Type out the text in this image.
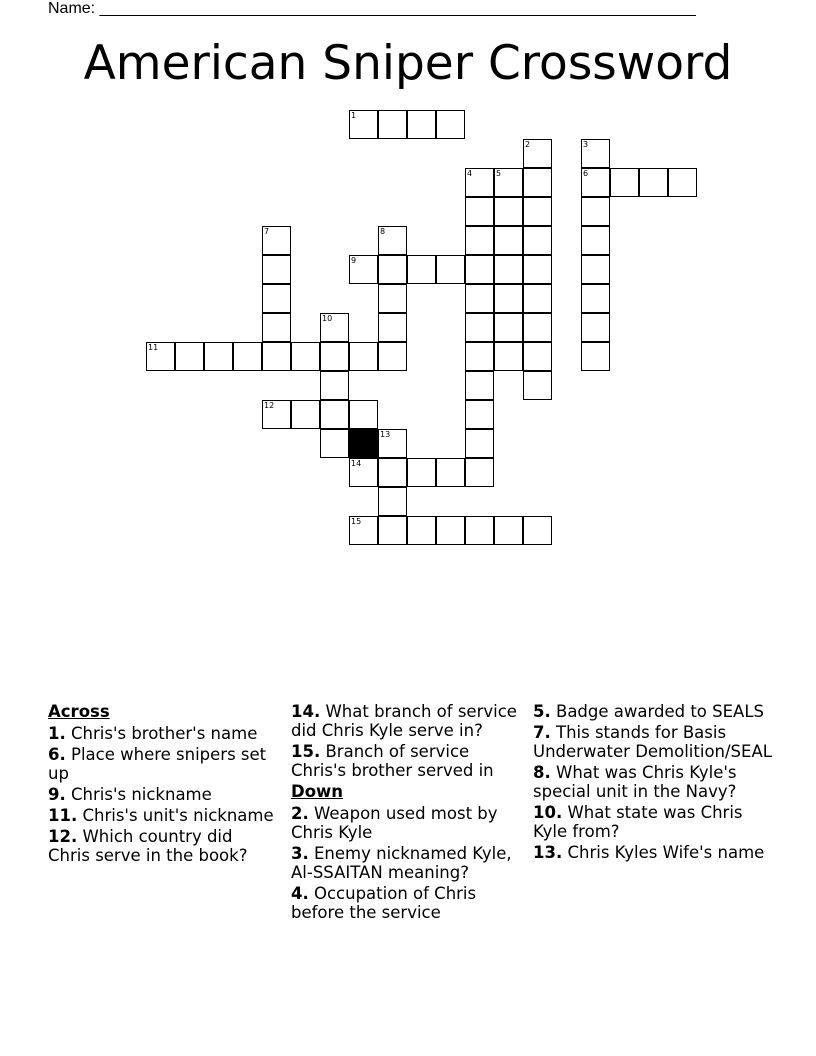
Name: ___________________________________________________________________
American Sniper Crossword
1
2	3
4	5	6
7	8
9
10
11
12
13
14
15
Across
1. Chris's brother's name
6. Place where snipers set up
9. Chris's nickname
11. Chris's unit's nickname
12. Which country did Chris serve in the book?
14. What branch of service did Chris Kyle serve in?
15. Branch of service Chris's brother served in
Down
2. Weapon used most by Chris Kyle
3. Enemy nicknamed Kyle, Al-SSAITAN meaning?
4. Occupation of Chris before the service
5. Badge awarded to SEALS
7. This stands for Basis Underwater Demolition/SEAL
8. What was Chris Kyle's special unit in the Navy?
10. What state was Chris Kyle from?
13. Chris Kyles Wife's name
